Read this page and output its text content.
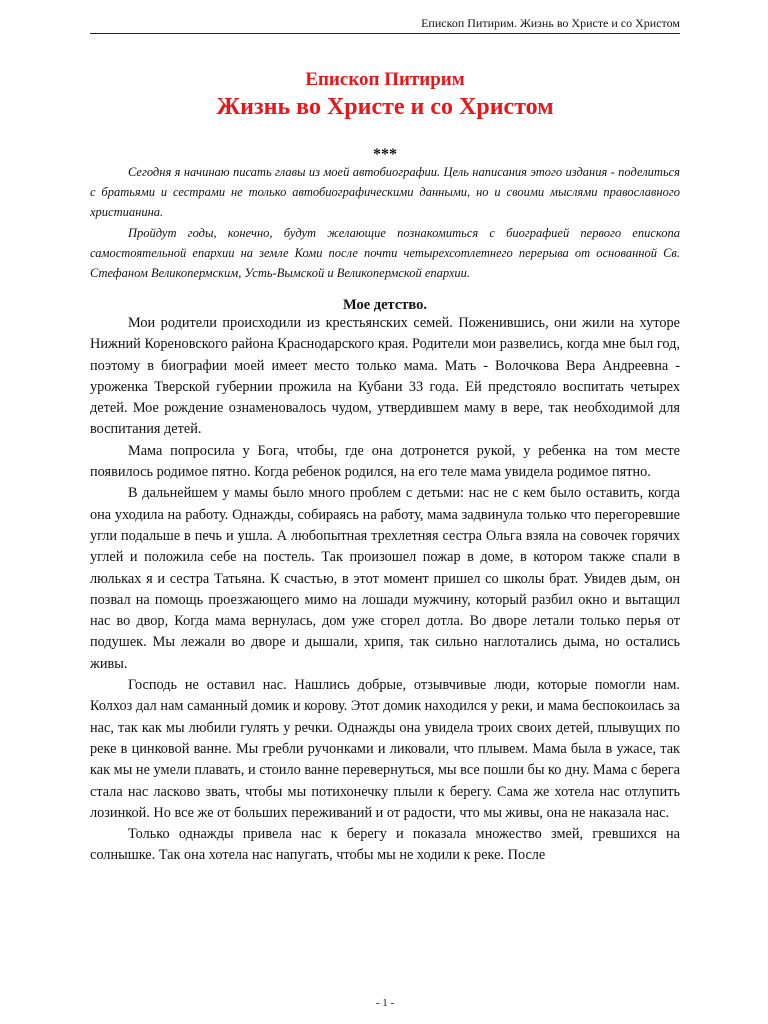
Епископ Питирим. Жизнь во Христе и со Христом
Епископ Питирим
Жизнь во Христе и со Христом
***

Сегодня я начинаю писать главы из моей автобиографии. Цель написания этого издания - поделиться с братьями и сестрами не только автобиографическими данными, но и своими мыслями православного христианина.

Пройдут годы, конечно, будут желающие познакомиться с биографией первого епископа самостоятельной епархии на земле Коми после почти четырехсотлетнего перерыва от основанной Св. Стефаном Великопермским, Усть-Вымской и Великопермской епархии.

Мое детство.

Мои родители происходили из крестьянских семей. Поженившись, они жили на хуторе Нижний Кореновского района Краснодарского края. Родители мои развелись, когда мне был год, поэтому в биографии моей имеет место только мама. Мать - Волочкова Вера Андреевна - уроженка Тверской губернии прожила на Кубани 33 года. Ей предстояло воспитать четырех детей. Мое рождение ознаменовалось чудом, утвердившем маму в вере, так необходимой для воспитания детей.

Мама попросила у Бога, чтобы, где она дотронется рукой, у ребенка на том месте появилось родимое пятно. Когда ребенок родился, на его теле мама увидела родимое пятно.

В дальнейшем у мамы было много проблем с детьми: нас не с кем было оставить, когда она уходила на работу. Однажды, собираясь на работу, мама задвинула только что перегоревшие угли подальше в печь и ушла. А любопытная трехлетняя сестра Ольга взяла на совочек горячих углей и положила себе на постель. Так произошел пожар в доме, в котором также спали в люльках я и сестра Татьяна. К счастью, в этот момент пришел со школы брат. Увидев дым, он позвал на помощь проезжающего мимо на лошади мужчину, который разбил окно и вытащил нас во двор, Когда мама вернулась, дом уже сгорел дотла. Во дворе летали только перья от подушек. Мы лежали во дворе и дышали, хрипя, так сильно наглотались дыма, но остались живы.

Господь не оставил нас. Нашлись добрые, отзывчивые люди, которые помогли нам. Колхоз дал нам саманный домик и корову. Этот домик находился у реки, и мама беспокоилась за нас, так как мы любили гулять у речки. Однажды она увидела троих своих детей, плывущих по реке в цинковой ванне. Мы гребли ручонками и ликовали, что плывем. Мама была в ужасе, так как мы не умели плавать, и стоило ванне перевернуться, мы все пошли бы ко дну. Мама с берега стала нас ласково звать, чтобы мы потихонечку плыли к берегу. Сама же хотела нас отлупить лозинкой. Но все же от больших переживаний и от радости, что мы живы, она не наказала нас.

Только однажды привела нас к берегу и показала множество змей, гревшихся на солнышке. Так она хотела нас напугать, чтобы мы не ходили к реке. После

- 1 -
